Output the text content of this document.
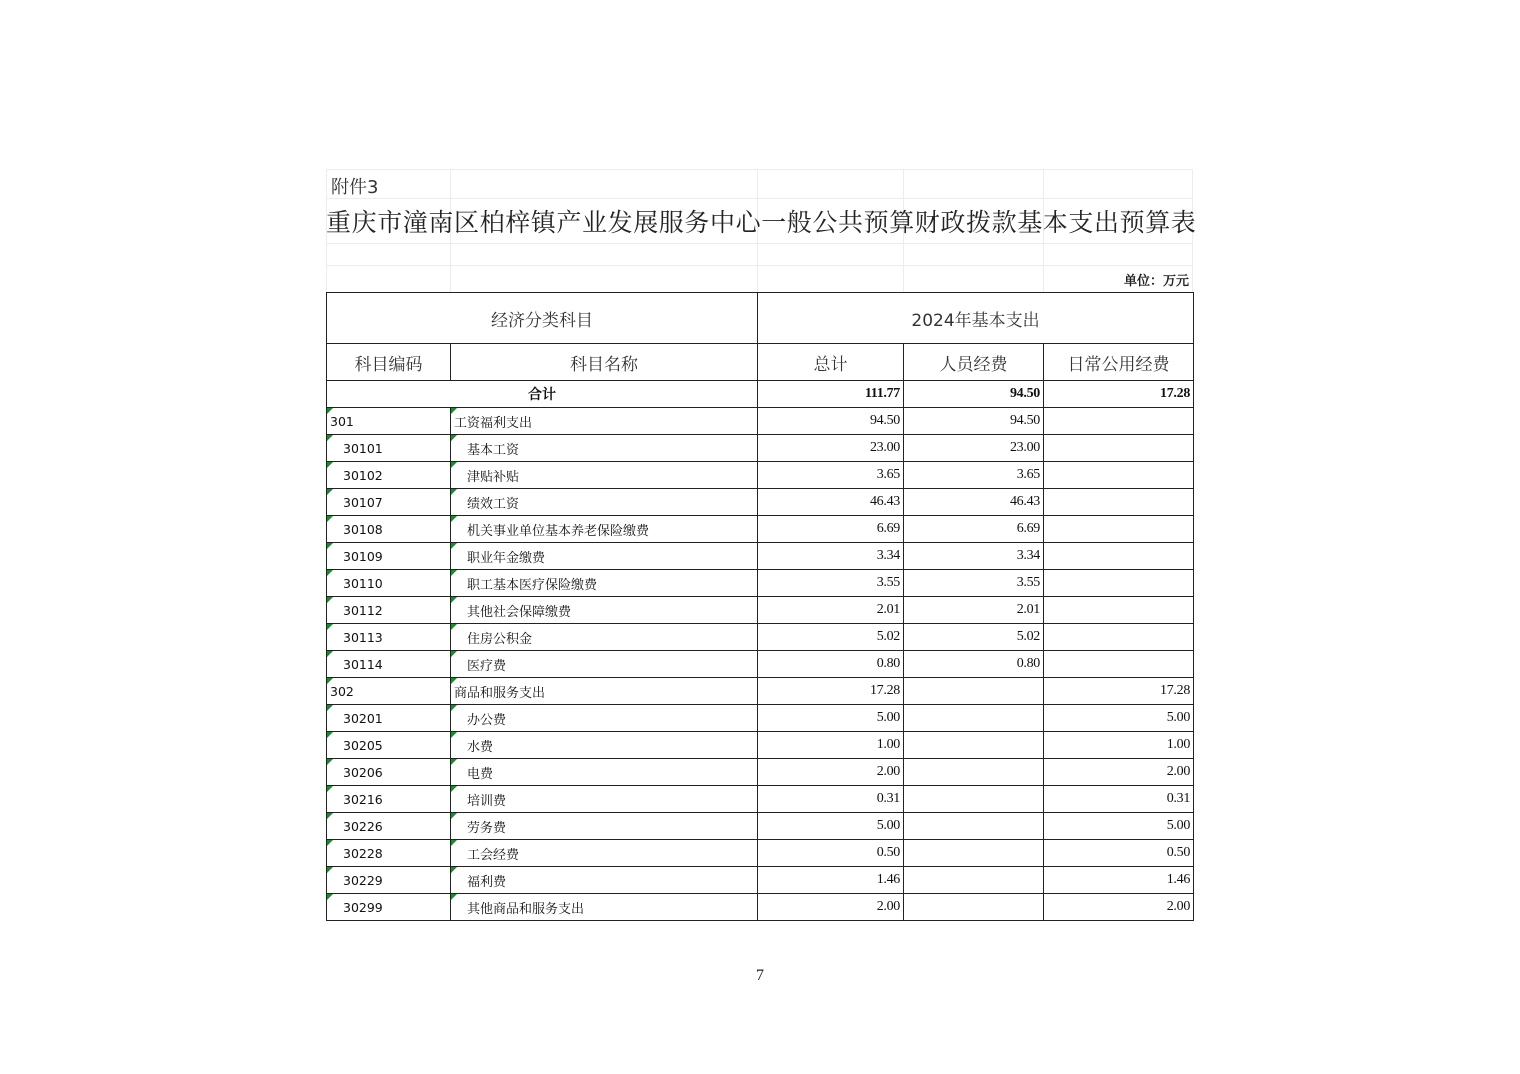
附件3
重庆市潼南区柏梓镇产业发展服务中心一般公共预算财政拨款基本支出预算表
单位：万元
经济分类科目		2024年基本支出		
科目编码	科目名称	总计	人员经费	日常公用经费
合计		111.77	94.50	17.28
301	工资福利支出	94.50	94.50	
30101	基本工资	23.00	23.00	
30102	津贴补贴	3.65	3.65	
30107	绩效工资	46.43	46.43	
30108	机关事业单位基本养老保险缴费	6.69	6.69	
30109	职业年金缴费	3.34	3.34	
30110	职工基本医疗保险缴费	3.55	3.55	
30112	其他社会保障缴费	2.01	2.01	
30113	住房公积金	5.02	5.02	
30114	医疗费	0.80	0.80	
302	商品和服务支出	17.28		17.28
30201	办公费	5.00		5.00
30205	水费	1.00		1.00
30206	电费	2.00		2.00
30216	培训费	0.31		0.31
30226	劳务费	5.00		5.00
30228	工会经费	0.50		0.50
30229	福利费	1.46		1.46
30299	其他商品和服务支出	2.00		2.00
7
